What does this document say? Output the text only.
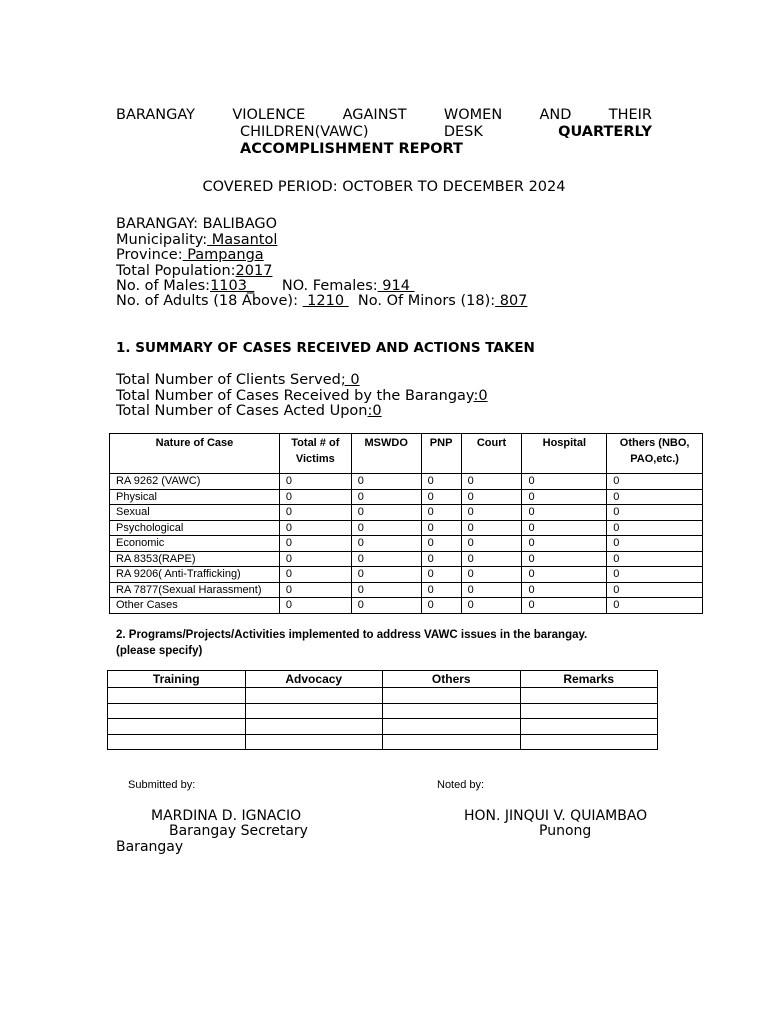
BARANGAY	VIOLENCE	AGAINST	WOMEN	AND	THEIR
CHILDREN(VAWC)	DESK	QUARTERLY
ACCOMPLISHMENT REPORT
COVERED PERIOD: OCTOBER TO DECEMBER 2024
BARANGAY: BALIBAGO
Municipality: Masantol
Province: Pampanga
Total Population:2017
No. of Males:1103_ NO. Females: 914
No. of Adults (18 Above):  1210   No. Of Minors (18): 807
1. SUMMARY OF CASES RECEIVED AND ACTIONS TAKEN
Total Number of Clients Served; 0
Total Number of Cases Received by the Barangay:0
Total Number of Cases Acted Upon:0
Nature of Case	Total # of Victims	MSWDO	PNP	Court	Hospital	Others (NBO, PAO,etc.)
RA 9262 (VAWC)	0	0	0	0	0	0
Physical	0	0	0	0	0	0
Sexual	0	0	0	0	0	0
Psychological	0	0	0	0	0	0
Economic	0	0	0	0	0	0
RA 8353(RAPE)	0	0	0	0	0	0
RA 9206( Anti-Trafficking)	0	0	0	0	0	0
RA 7877(Sexual Harassment)	0	0	0	0	0	0
Other Cases	0	0	0	0	0	0
2. Programs/Projects/Activities implemented to address VAWC issues in the barangay.
(please specify)
Training	Advocacy	Others	Remarks

Submitted by:	Noted by:
MARDINA D. IGNACIO
Barangay Secretary
HON. JINQUI V. QUIAMBAO
Punong
Barangay
